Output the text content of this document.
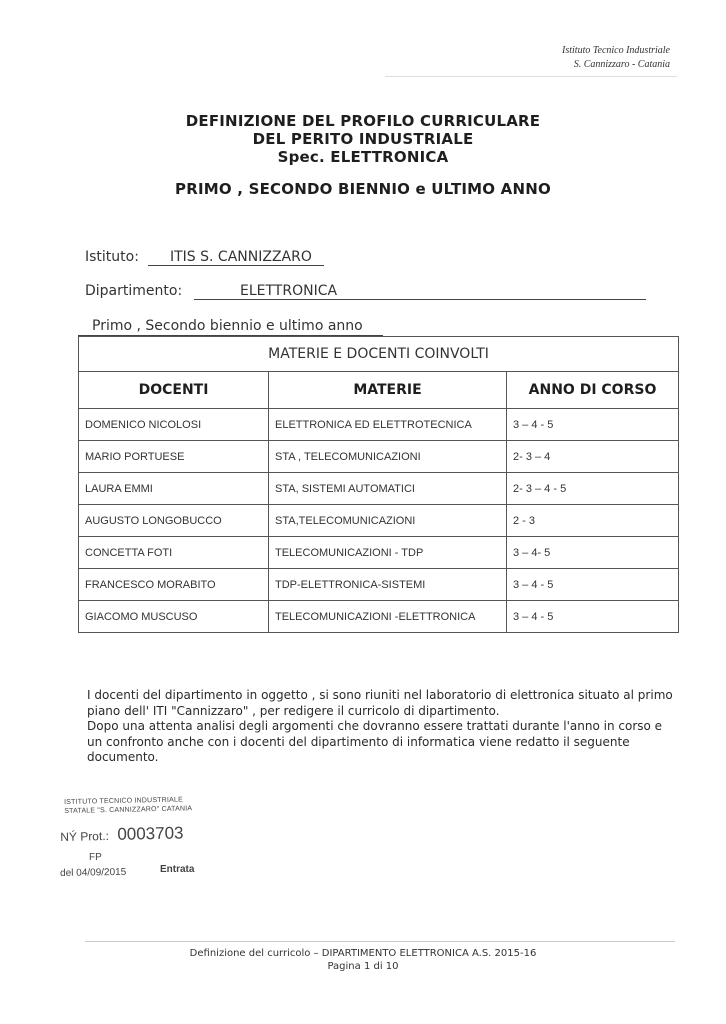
Istituto Tecnico Industriale
S. Cannizzaro - Catania
DEFINIZIONE DEL PROFILO CURRICULARE
DEL PERITO INDUSTRIALE
Spec. ELETTRONICA
PRIMO , SECONDO BIENNIO e ULTIMO ANNO
Istituto: ITIS S. CANNIZZARO
Dipartimento:	ELETTRONICA
Primo , Secondo biennio e ultimo anno
MATERIE E DOCENTI COINVOLTI		
DOCENTI	MATERIE	ANNO DI CORSO
DOMENICO NICOLOSI	ELETTRONICA ED ELETTROTECNICA	3 – 4 - 5
MARIO PORTUESE	STA , TELECOMUNICAZIONI	2- 3 – 4
LAURA EMMI	STA, SISTEMI AUTOMATICI	2- 3 – 4 - 5
AUGUSTO LONGOBUCCO	STA,TELECOMUNICAZIONI	2 - 3
CONCETTA FOTI	TELECOMUNICAZIONI - TDP	3 – 4- 5
FRANCESCO MORABITO	TDP-ELETTRONICA-SISTEMI	3 – 4 - 5
GIACOMO MUSCUSO	TELECOMUNICAZIONI -ELETTRONICA	3 – 4 - 5
I docenti del dipartimento in oggetto , si sono riuniti nel laboratorio di elettronica situato al primo piano dell' ITI "Cannizzaro" , per redigere il curricolo di dipartimento.
Dopo una attenta analisi degli argomenti che dovranno essere trattati durante l'anno in corso e un confronto anche con i docenti del dipartimento di informatica viene redatto il seguente documento.
ISTITUTO TECNICO INDUSTRIALE
STATALE "S. CANNIZZARO" CATANIA
NÝ Prot.: 0003703
FP
del 04/09/2015	Entrata
Definizione del curricolo – DIPARTIMENTO ELETTRONICA A.S. 2015-16
Pagina 1 di 10
